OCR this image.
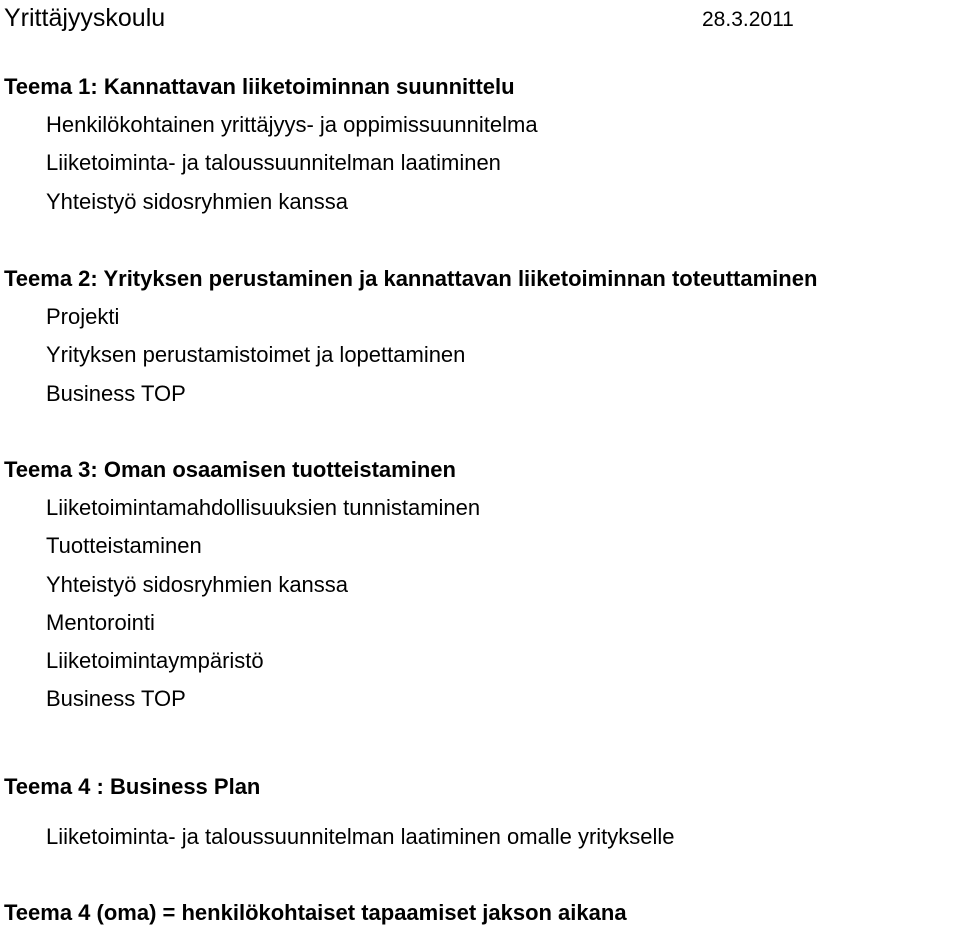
Yrittäjyyskoulu	28.3.2011
Teema 1: Kannattavan liiketoiminnan suunnittelu
Henkilökohtainen yrittäjyys- ja oppimissuunnitelma
Liiketoiminta- ja taloussuunnitelman laatiminen
Yhteistyö sidosryhmien kanssa
Teema 2: Yrityksen perustaminen ja kannattavan liiketoiminnan toteuttaminen
Projekti
Yrityksen perustamistoimet ja lopettaminen
Business TOP
Teema 3: Oman osaamisen tuotteistaminen
Liiketoimintamahdollisuuksien tunnistaminen
Tuotteistaminen
Yhteistyö sidosryhmien kanssa
Mentorointi
Liiketoimintaympäristö
Business TOP
Teema 4 : Business Plan
Liiketoiminta- ja taloussuunnitelman laatiminen omalle yritykselle
Teema 4 (oma) = henkilökohtaiset tapaamiset jakson aikana
